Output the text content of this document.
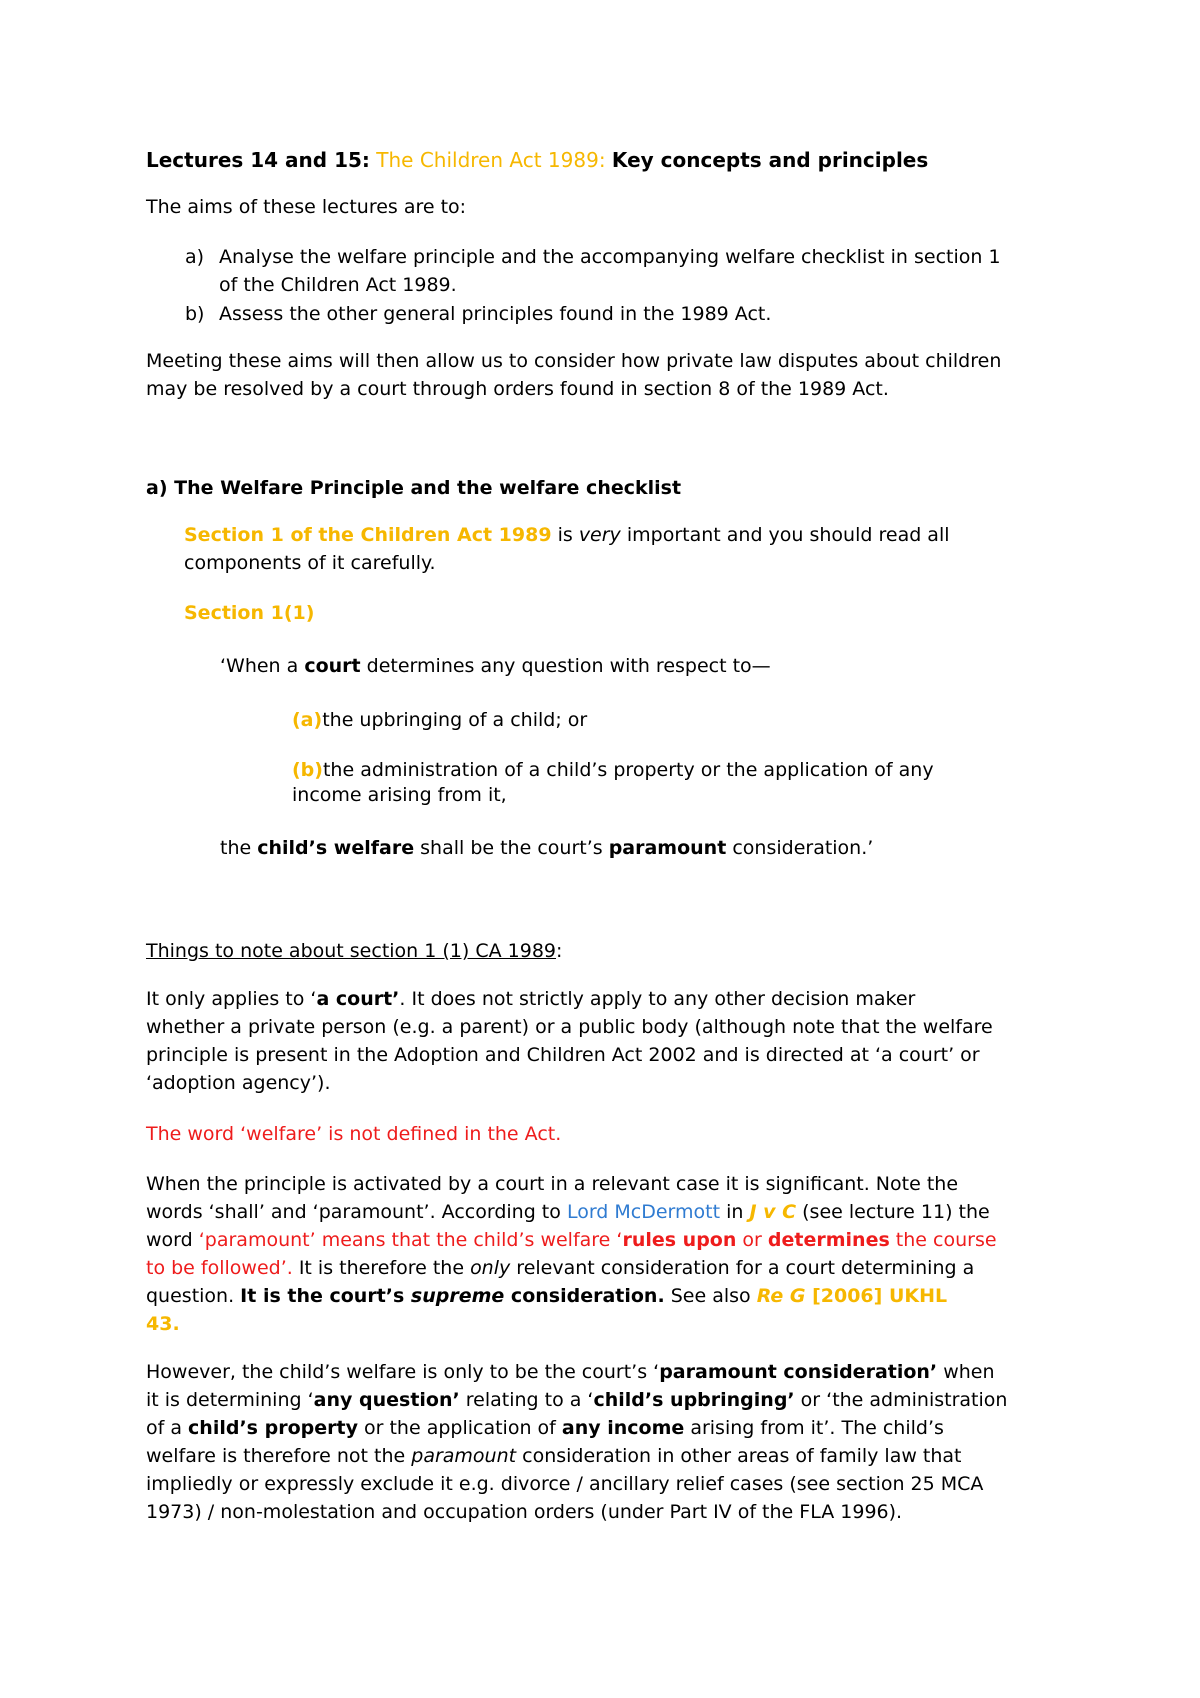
Lectures 14 and 15: The Children Act 1989: Key concepts and principles
The aims of these lectures are to:
a) Analyse the welfare principle and the accompanying welfare checklist in section 1
of the Children Act 1989.
b) Assess the other general principles found in the 1989 Act.
Meeting these aims will then allow us to consider how private law disputes about children
may be resolved by a court through orders found in section 8 of the 1989 Act.
a) The Welfare Principle and the welfare checklist
Section 1 of the Children Act 1989 is very important and you should read all
components of it carefully.
Section 1(1)
‘When a court determines any question with respect to—
(a)the upbringing of a child; or
(b)the administration of a child’s property or the application of any
income arising from it,
the child’s welfare shall be the court’s paramount consideration.’
Things to note about section 1 (1) CA 1989:
It only applies to ‘a court’. It does not strictly apply to any other decision maker
whether a private person (e.g. a parent) or a public body (although note that the welfare
principle is present in the Adoption and Children Act 2002 and is directed at ‘a court’ or
‘adoption agency’).
The word ‘welfare’ is not defined in the Act.
When the principle is activated by a court in a relevant case it is significant. Note the
words ‘shall’ and ‘paramount’. According to Lord McDermott in J v C (see lecture 11) the
word ‘paramount’ means that the child’s welfare ‘rules upon or determines the course
to be followed’. It is therefore the only relevant consideration for a court determining a
question. It is the court’s supreme consideration. See also Re G [2006] UKHL
43.
However, the child’s welfare is only to be the court’s ‘paramount consideration’ when
it is determining ‘any question’ relating to a ‘child’s upbringing’ or ‘the administration
of a child’s property or the application of any income arising from it’. The child’s
welfare is therefore not the paramount consideration in other areas of family law that
impliedly or expressly exclude it e.g. divorce / ancillary relief cases (see section 25 MCA
1973) / non-molestation and occupation orders (under Part IV of the FLA 1996).
